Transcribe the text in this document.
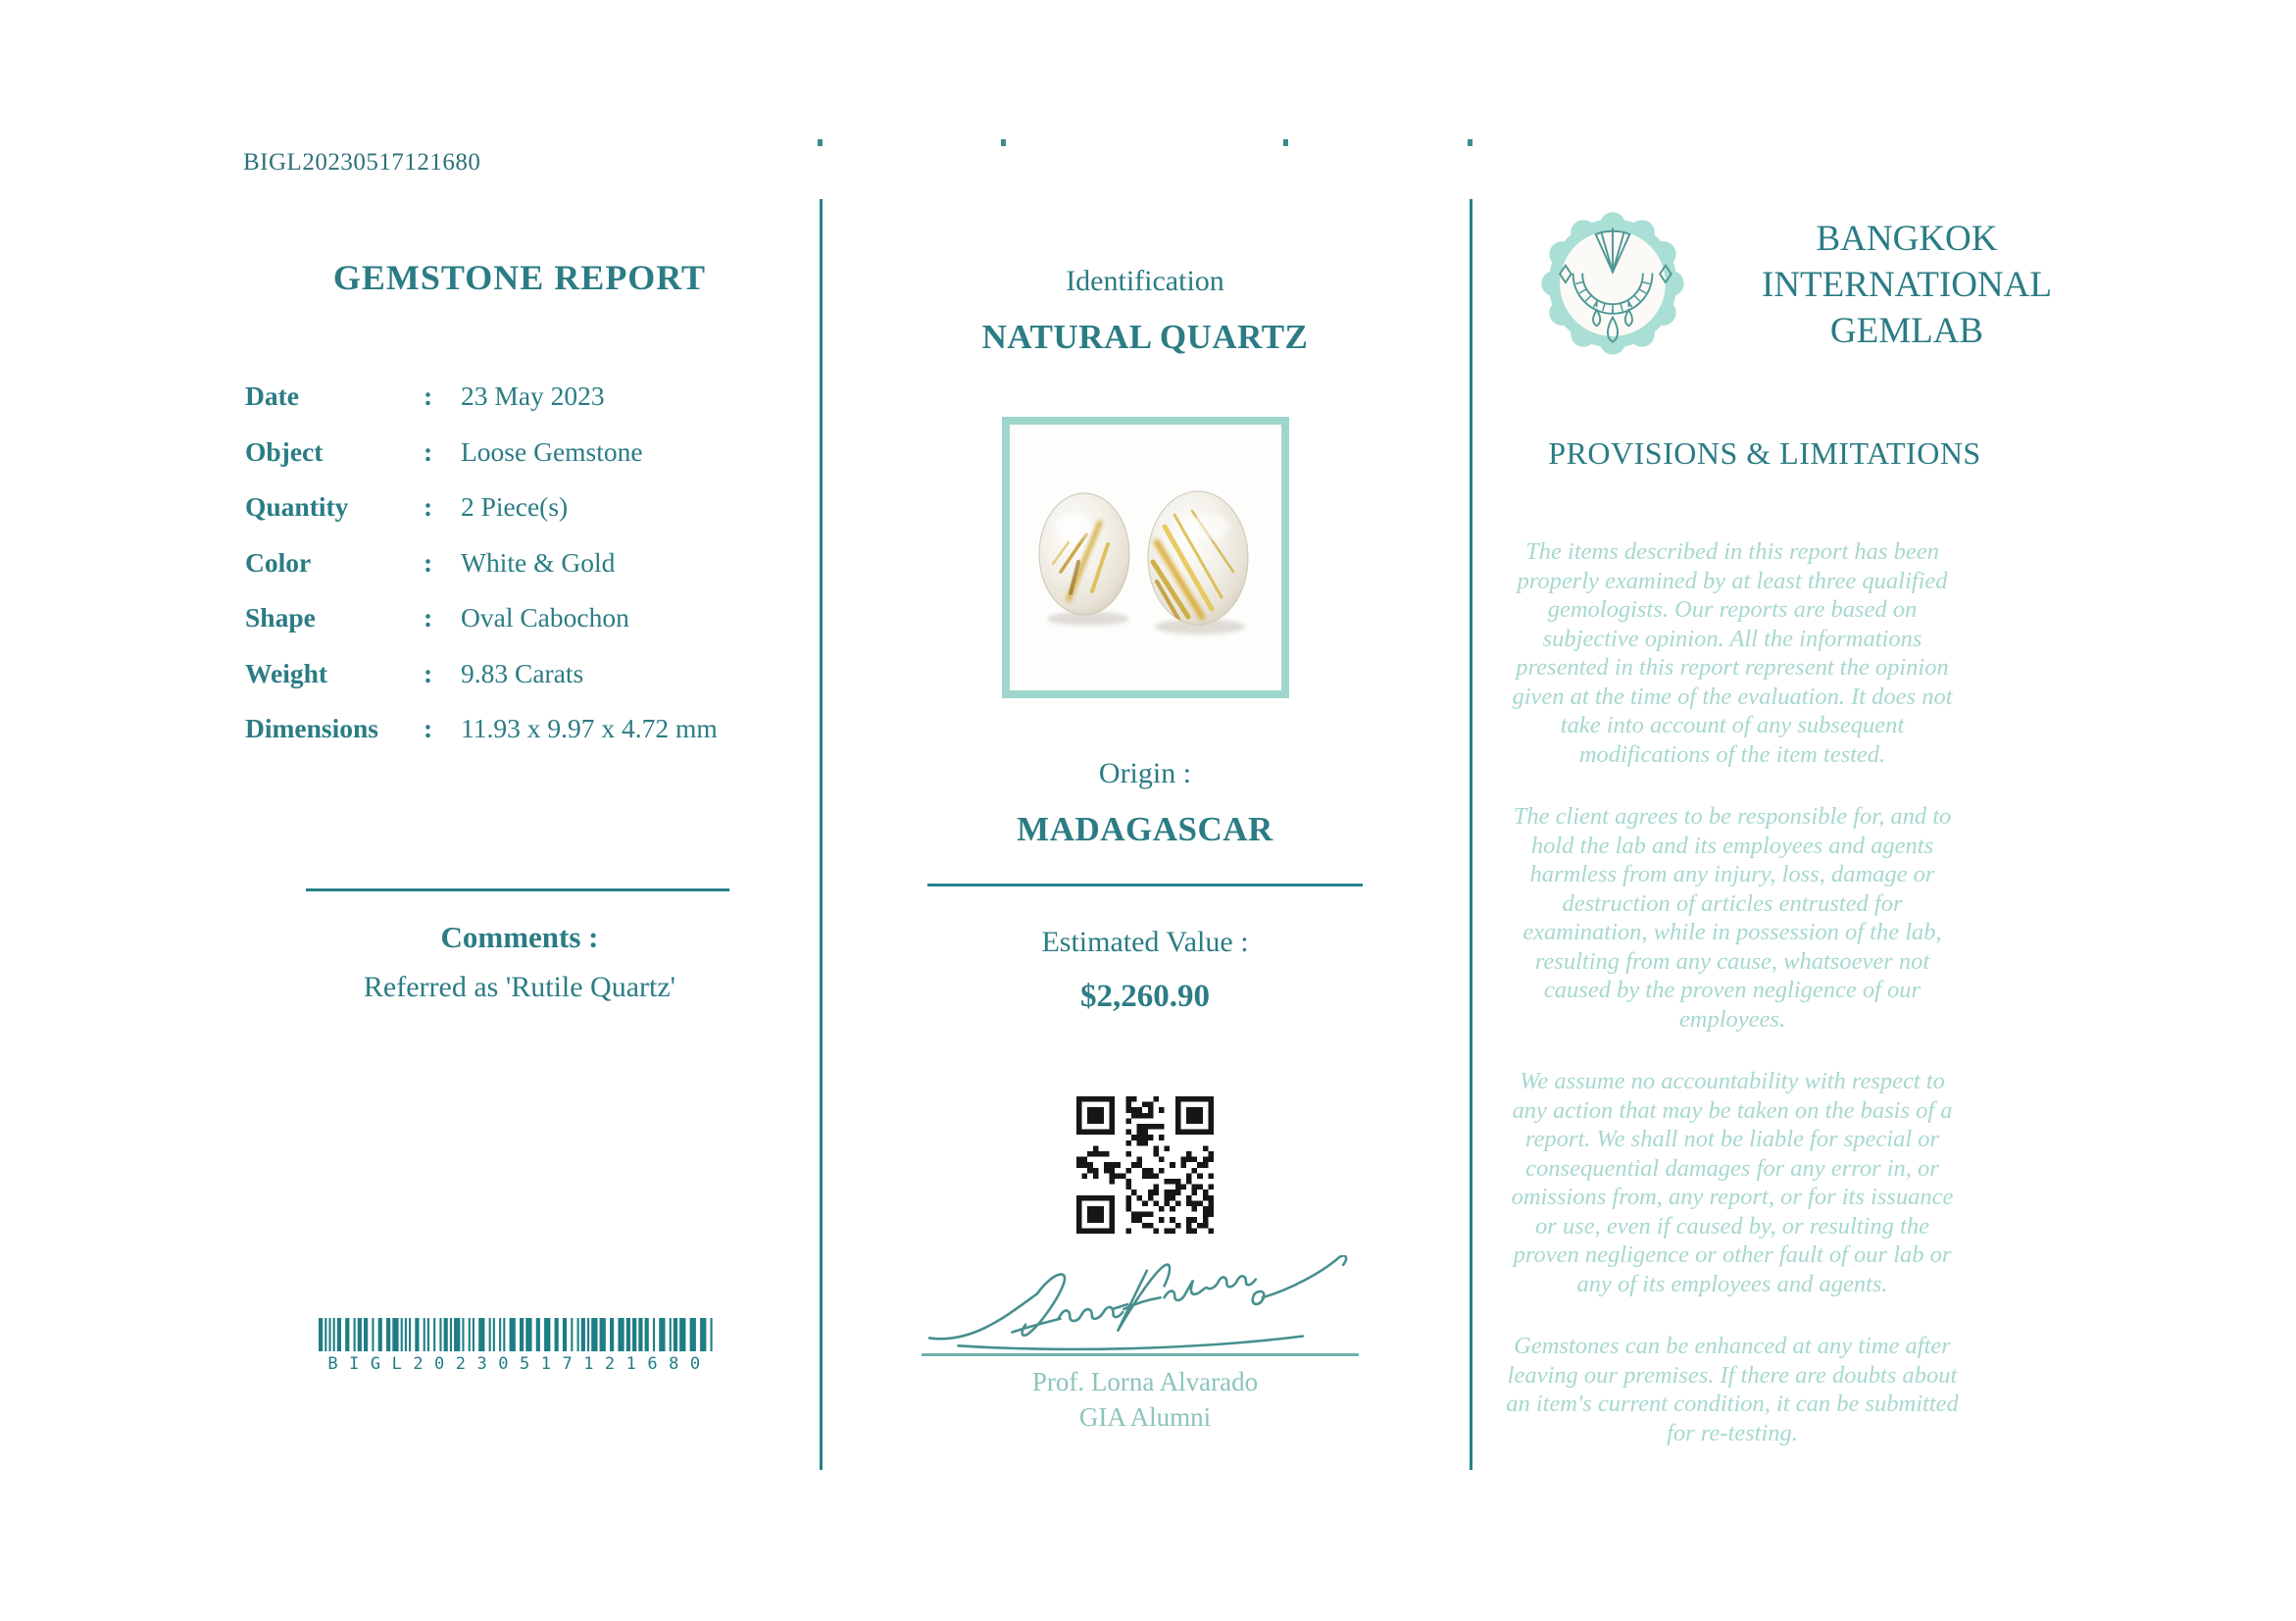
BIGL20230517121680
GEMSTONE REPORT
Date	:	23 May 2023
Object	:	Loose Gemstone
Quantity	:	2 Piece(s)
Color	:	White & Gold
Shape	:	Oval Cabochon
Weight	:	9.83 Carats
Dimensions	:	11.93 x 9.97 x 4.72 mm
Comments :
Referred as 'Rutile Quartz'
BIGL20230517121680
Identification
NATURAL QUARTZ
Origin :
MADAGASCAR
Estimated Value :
$2,260.90
Prof. Lorna Alvarado
GIA Alumni
BANGKOK
INTERNATIONAL
GEMLAB
PROVISIONS & LIMITATIONS

The items described in this report has been properly examined by at least three qualified gemologists. Our reports are based on subjective opinion. All the informations presented in this report represent the opinion given at the time of the evaluation. It does not take into account of any subsequent modifications of the item tested.

The client agrees to be responsible for, and to hold the lab and its employees and agents harmless from any injury, loss, damage or destruction of articles entrusted for examination, while in possession of the lab, resulting from any cause, whatsoever not caused by the proven negligence of our employees.

We assume no accountability with respect to any action that may be taken on the basis of a report. We shall not be liable for special or consequential damages for any error in, or omissions from, any report, or for its issuance or use, even if caused by, or resulting the proven negligence or other fault of our lab or any of its employees and agents.

Gemstones can be enhanced at any time after leaving our premises. If there are doubts about an item's current condition, it can be submitted for re-testing.
